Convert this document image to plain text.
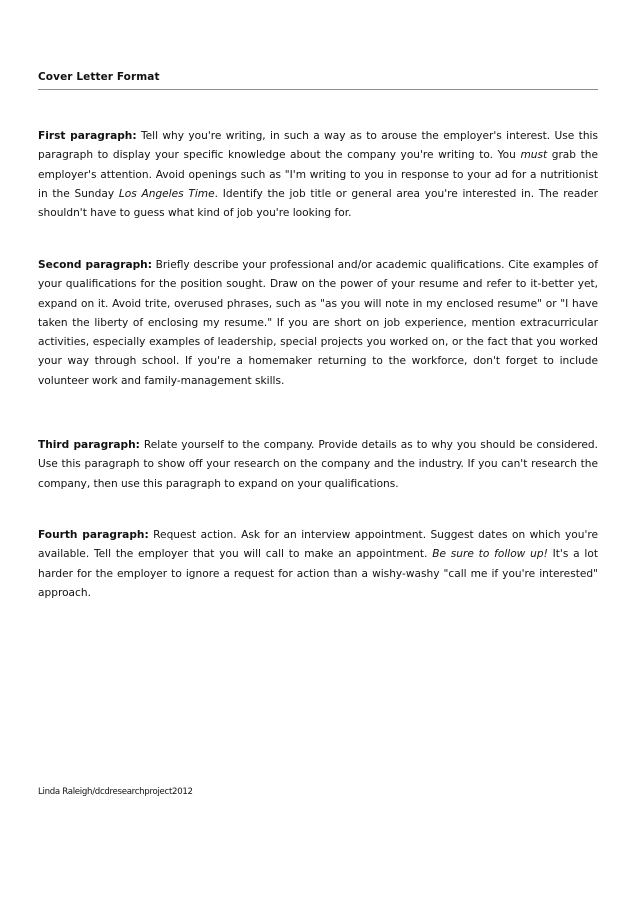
Cover Letter Format

First paragraph: Tell why you're writing, in such a way as to arouse the employer's interest. Use this paragraph to display your specific knowledge about the company you're writing to. You must grab the employer's attention. Avoid openings such as "I'm writing to you in response to your ad for a nutritionist in the Sunday Los Angeles Time. Identify the job title or general area you're interested in. The reader shouldn't have to guess what kind of job you're looking for.

Second paragraph: Briefly describe your professional and/or academic qualifications. Cite examples of your qualifications for the position sought. Draw on the power of your resume and refer to it-better yet, expand on it. Avoid trite, overused phrases, such as "as you will note in my enclosed resume" or "I have taken the liberty of enclosing my resume." If you are short on job experience, mention extracurricular activities, especially examples of leadership, special projects you worked on, or the fact that you worked your way through school. If you're a homemaker returning to the workforce, don't forget to include volunteer work and family-management skills.

Third paragraph: Relate yourself to the company. Provide details as to why you should be considered. Use this paragraph to show off your research on the company and the industry. If you can't research the company, then use this paragraph to expand on your qualifications.

Fourth paragraph: Request action. Ask for an interview appointment. Suggest dates on which you're available. Tell the employer that you will call to make an appointment. Be sure to follow up! It's a lot harder for the employer to ignore a request for action than a wishy-washy "call me if you're interested" approach.

Linda Raleigh/dcdresearchproject2012
